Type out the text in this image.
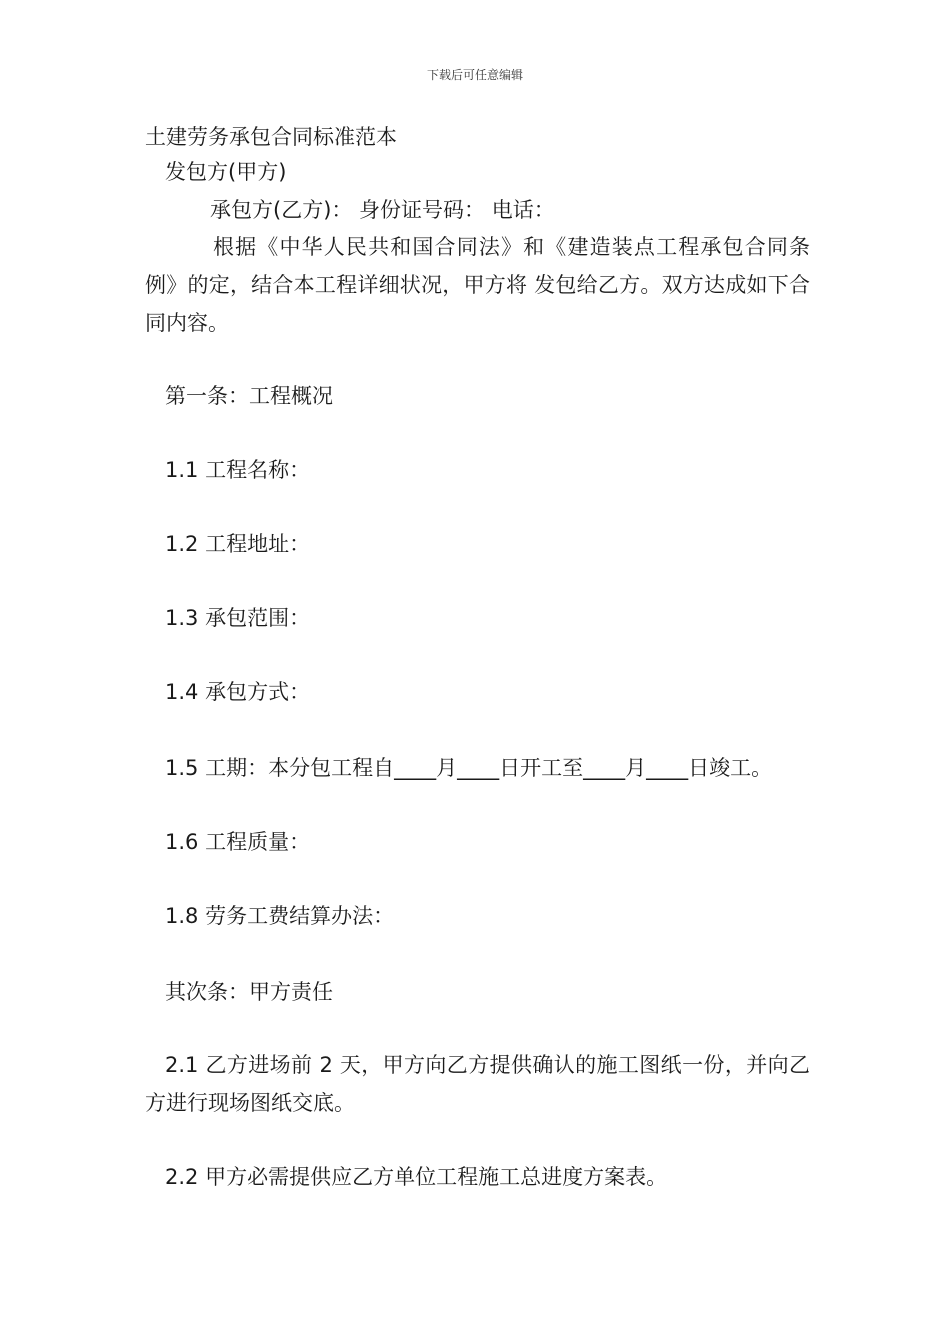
下载后可任意编辑
土建劳务承包合同标准范本
发包方(甲方)
承包方(乙方)： 身份证号码： 电话：
根据《中华人民共和国合同法》和《建造装点工程承包合同条例》的定，结合本工程详细状况，甲方将 发包给乙方。双方达成如下合同内容。
第一条：工程概况
1.1 工程名称：
1.2 工程地址：
1.3 承包范围：
1.4 承包方式：
1.5 工期：本分包工程自____月____日开工至____月____日竣工。
1.6 工程质量：
1.8 劳务工费结算办法：
其次条：甲方责任
2.1 乙方进场前 2 天，甲方向乙方提供确认的施工图纸一份，并向乙方进行现场图纸交底。
2.2 甲方必需提供应乙方单位工程施工总进度方案表。
